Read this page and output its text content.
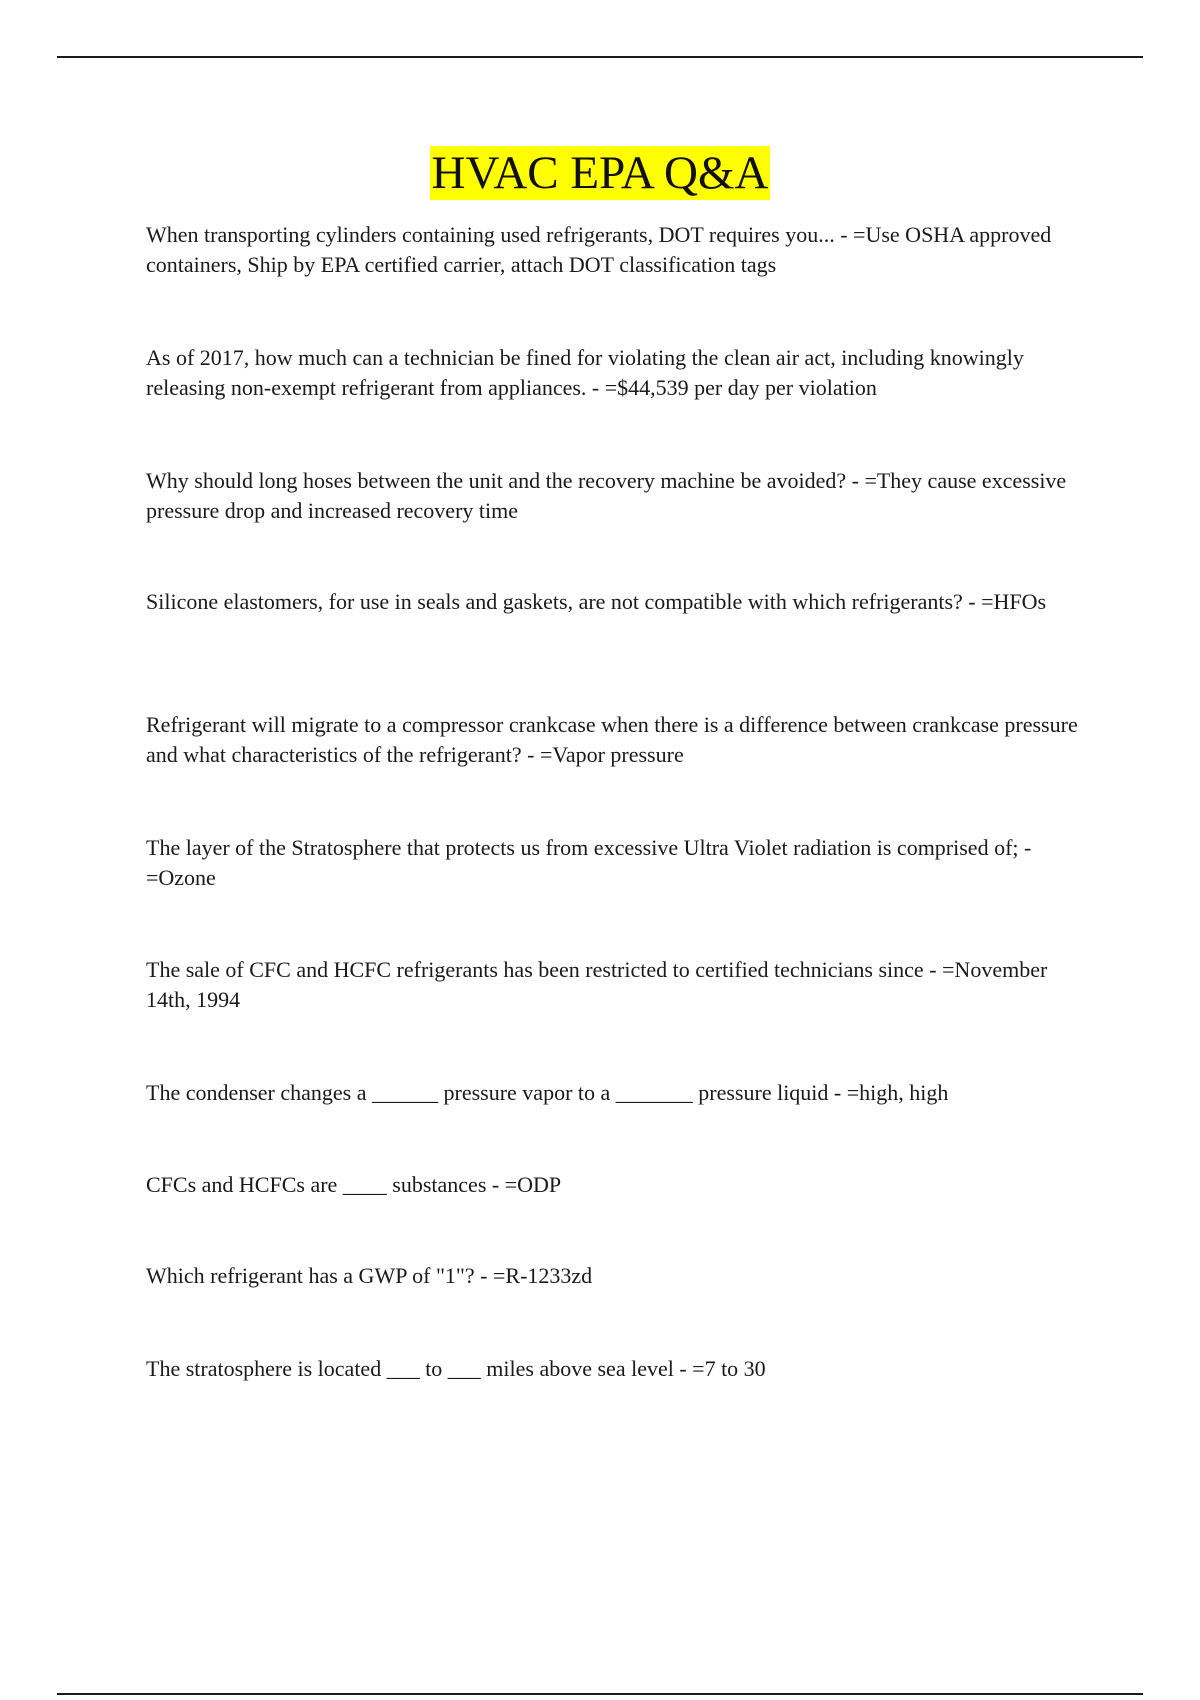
HVAC EPA Q&A

When transporting cylinders containing used refrigerants, DOT requires you... - =Use OSHA approved containers, Ship by EPA certified carrier, attach DOT classification tags

As of 2017, how much can a technician be fined for violating the clean air act, including knowingly releasing non-exempt refrigerant from appliances. - =$44,539 per day per violation

Why should long hoses between the unit and the recovery machine be avoided? - =They cause excessive pressure drop and increased recovery time

Silicone elastomers, for use in seals and gaskets, are not compatible with which refrigerants? - =HFOs

Refrigerant will migrate to a compressor crankcase when there is a difference between crankcase pressure and what characteristics of the refrigerant? - =Vapor pressure

The layer of the Stratosphere that protects us from excessive Ultra Violet radiation is comprised of; - =Ozone

The sale of CFC and HCFC refrigerants has been restricted to certified technicians since - =November 14th, 1994

The condenser changes a ______ pressure vapor to a _______ pressure liquid - =high, high

CFCs and HCFCs are ____ substances - =ODP

Which refrigerant has a GWP of "1"? - =R-1233zd

The stratosphere is located ___ to ___ miles above sea level - =7 to 30
